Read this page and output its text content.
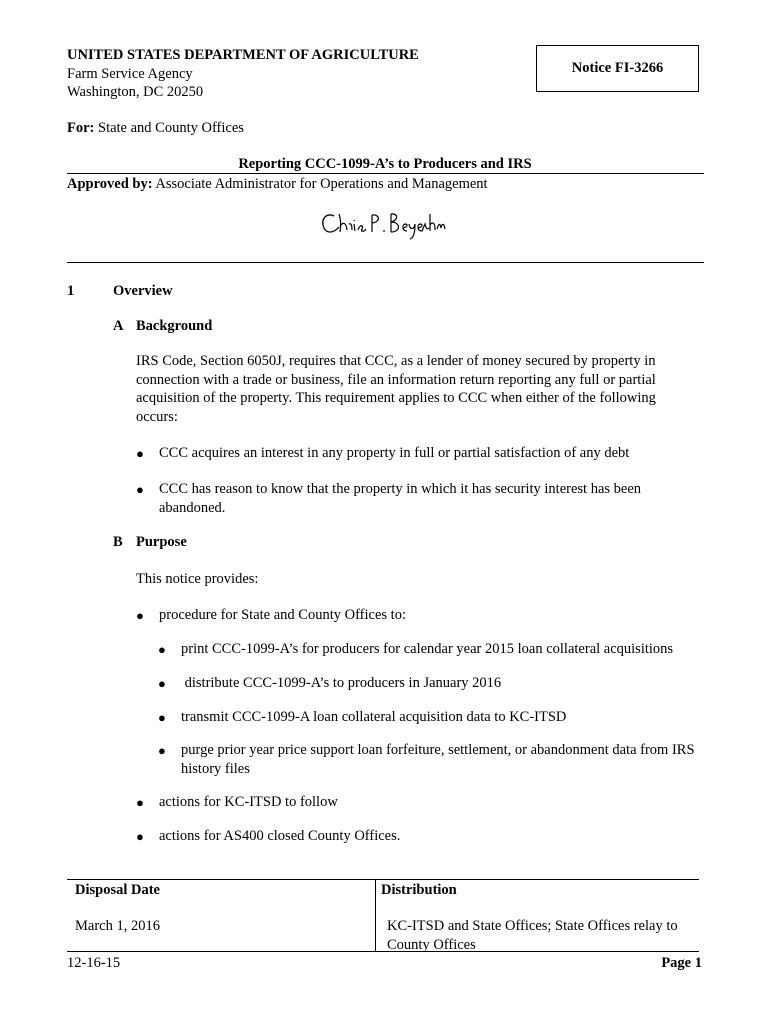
UNITED STATES DEPARTMENT OF AGRICULTURE
Farm Service Agency
Washington, DC 20250
Notice FI-3266
For: State and County Offices
Reporting CCC-1099-A’s to Producers and IRS
Approved by: Associate Administrator for Operations and Management
1	Overview
A Background
IRS Code, Section 6050J, requires that CCC, as a lender of money secured by property in connection with a trade or business, file an information return reporting any full or partial acquisition of the property. This requirement applies to CCC when either of the following occurs:
● CCC acquires an interest in any property in full or partial satisfaction of any debt
● CCC has reason to know that the property in which it has security interest has been abandoned.
B Purpose
This notice provides:
● procedure for State and County Offices to:
● print CCC-1099-A’s for producers for calendar year 2015 loan collateral acquisitions
● distribute CCC-1099-A’s to producers in January 2016
● transmit CCC-1099-A loan collateral acquisition data to KC-ITSD
● purge prior year price support loan forfeiture, settlement, or abandonment data from IRS history files
● actions for KC-ITSD to follow
● actions for AS400 closed County Offices.
Disposal Date	Distribution
March 1, 2016	KC-ITSD and State Offices; State Offices relay to County Offices
12-16-15	Page 1
